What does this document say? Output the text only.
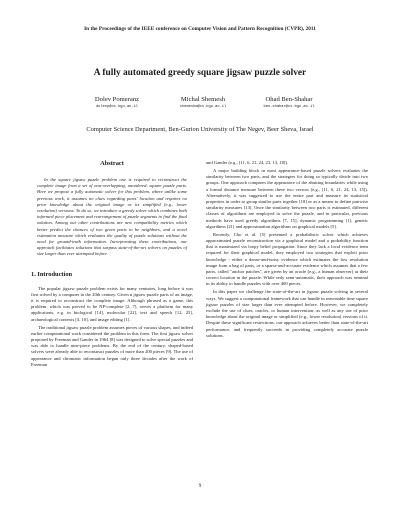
In the Proceedings of the IEEE conference on Computer Vision and Pattern Recognition (CVPR), 2011
A fully automated greedy square jigsaw puzzle solver
Dolev Pomeranz
dolevp@cs.bgu.ac.il
Michal Shemesh
shemeshm@cs.bgu.ac.il
Ohad Ben-Shahar
ben-shahar@cs.bgu.ac.il
Computer Science Department, Ben-Gurion University of The Negev, Beer Sheva, Israel
Abstract

In the square jigsaw puzzle problem one is required to reconstruct the complete image from a set of non-overlapping, unordered, square puzzle parts. Here we propose a fully automatic solver for this problem, where unlike some previous work, it assumes no clues regarding parts' location and requires no prior knowledge about the original image or its simplified (e.g., lower resolution) versions. To do so, we introduce a greedy solver which combines both informed piece placement and rearrangement of puzzle segments to find the final solution. Among our other contributions are new compatibility metrics which better predict the chances of two given parts to be neighbors, and a novel estimation measure which evaluates the quality of puzzle solutions without the need for ground-truth information. Incorporating these contributions, our approach facilitates solutions that surpass state-of-the-art solvers on puzzles of size larger than ever attempted before.

1. Introduction

The popular jigsaw puzzle problem exists for many centuries, long before it was first solved by a computer in the 20th century. Given n jigsaw puzzle parts of an image, it is required to reconstruct the complete image. Although phrased as a game, this problem, which was proved to be NP-complete [2, 7], serves a platform for many applications, e.g. in biological [14], molecular [22], text and speech [12, 25], archaeological contexts [3, 10], and image editing [1].

The traditional jigsaw puzzle problem assumes pieces of various shapes, and indeed earlier computational work considered the problem in this form. The first jigsaw solver proposed by Freeman and Gander in 1964 [8] was designed to solve special puzzles and was able to handle nine-piece problems. By the end of the century, shaped-based solvers were already able to reconstruct puzzles of more than 200 pieces [9]. The use of appearance and chromatic information began only three decades after the work of Freeman

and Gander (e.g., [11, 6, 21, 24, 23, 13, 18]).

A major building block in most appearance-based puzzle solvers evaluates the similarity between two parts, and the strategies for doing so typically divide into two groups. One approach compares the appearance of the abutting boundaries while using a formal distance measure between these two vectors (e.g., [11, 6, 21, 24, 13, 15]). Alternatively, it was suggested to use the entire part and measure its statistical properties in order to group similar parts together [18] or as a means to define pairwise similarity measures [13]. Once the similarity between two parts is estimated, different classes of algorithms are employed to solve the puzzle, and in particular, previous methods have used greedy algorithms [7, 15], dynamic programming [1], genetic algorithms [21] and approximation algorithms on graphical models [5].

Recently, Cho et al. [5] presented a probabilistic solver which achieves approximated puzzle reconstruction via a graphical model and a probability function that is maximized via loopy belief propagation. Since they lack a local evidence term required for their graphical model, they employed two strategies that exploit prior knowledge - either a dense-and-noisy evidence which estimates the low resolution image from a bag of parts, or a sparse-and-accurate evidence which assumes that a few parts, called "anchor patches", are given by an oracle (e.g., a human observer) at their correct location in the puzzle. While only semi-automatic, their approach was seminal in its ability to handle puzzles with over 400 pieces.

In this paper we challenge the state-of-the-art in jigsaw puzzle solving in several ways. We suggest a computational framework that can handle in reasonable time square jigsaw puzzles of size larger than ever attempted before. However, we completely exclude the use of clues, oracles, or human intervention, as well as any use of prior knowledge about the original image or simplified (e.g., lower resolution) versions of it. Despite these significant restrictions, our approach achieves better than state-of-the-art performance, and frequently succeeds in providing completely accurate puzzle solutions.

9
